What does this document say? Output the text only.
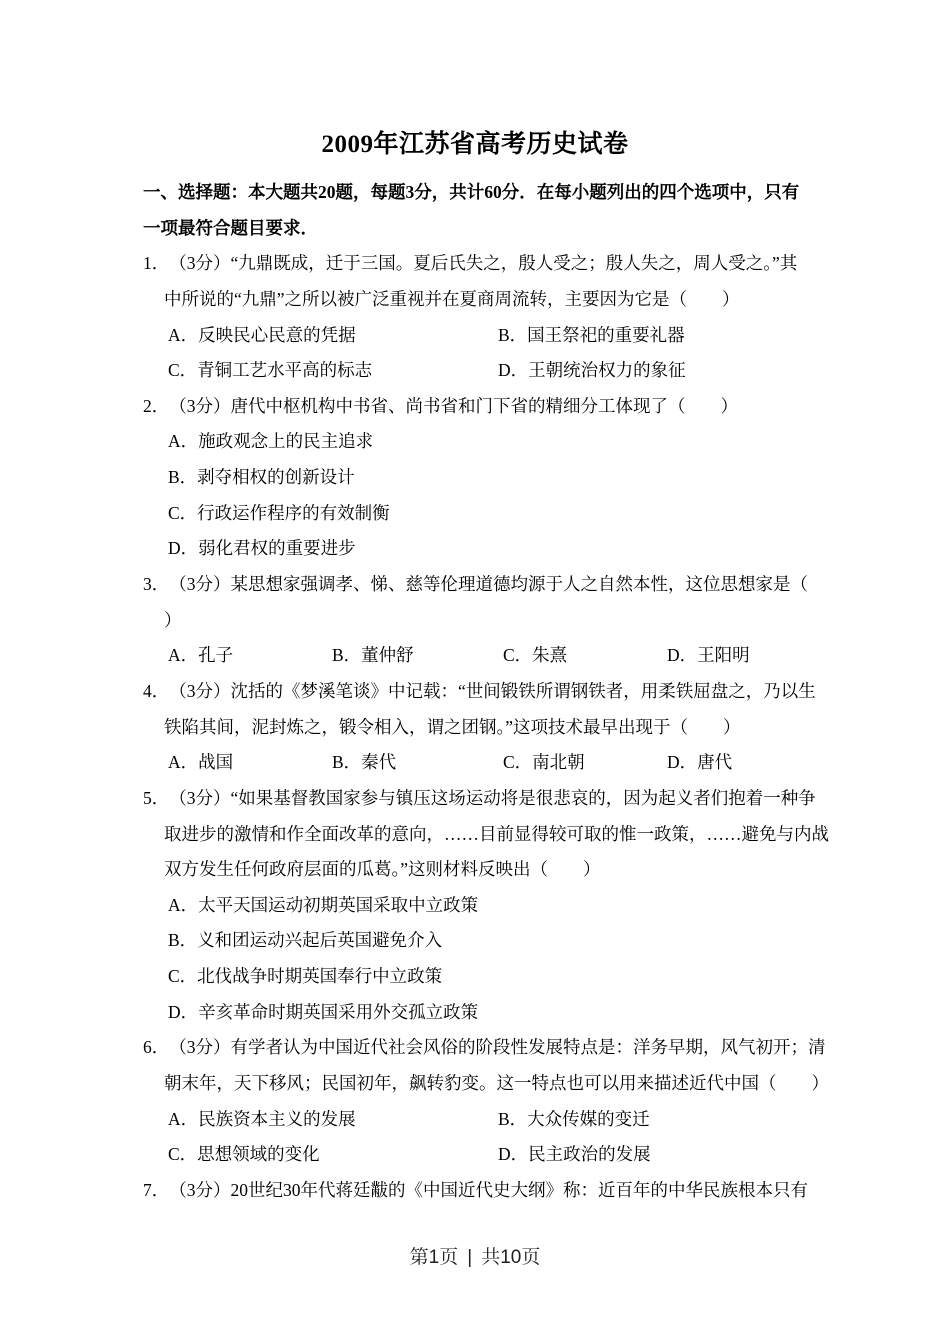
2009年江苏省高考历史试卷
一、选择题：本大题共20题，每题3分，共计60分．在每小题列出的四个选项中，只有
一项最符合题目要求．
1．（3分）“九鼎既成，迁于三国。夏后氏失之，殷人受之；殷人失之，周人受之。”其
中所说的“九鼎”之所以被广泛重视并在夏商周流转，主要因为它是（　　）
A．反映民心民意的凭据	B．国王祭祀的重要礼器
C．青铜工艺水平高的标志	D．王朝统治权力的象征
2．（3分）唐代中枢机构中书省、尚书省和门下省的精细分工体现了（　　）
A．施政观念上的民主追求
B．剥夺相权的创新设计
C．行政运作程序的有效制衡
D．弱化君权的重要进步
3．（3分）某思想家强调孝、悌、慈等伦理道德均源于人之自然本性，这位思想家是（
）
A．孔子	B．董仲舒	C．朱熹	D．王阳明
4．（3分）沈括的《梦溪笔谈》中记载：“世间锻铁所谓钢铁者，用柔铁屈盘之，乃以生
铁陷其间，泥封炼之，锻令相入，谓之团钢。”这项技术最早出现于（　　）
A．战国	B．秦代	C．南北朝	D．唐代
5．（3分）“如果基督教国家参与镇压这场运动将是很悲哀的，因为起义者们抱着一种争
取进步的激情和作全面改革的意向，……目前显得较可取的惟一政策，……避免与内战
双方发生任何政府层面的瓜葛。”这则材料反映出（　　）
A．太平天国运动初期英国采取中立政策
B．义和团运动兴起后英国避免介入
C．北伐战争时期英国奉行中立政策
D．辛亥革命时期英国采用外交孤立政策
6．（3分）有学者认为中国近代社会风俗的阶段性发展特点是：洋务早期，风气初开；清
朝末年，天下移风；民国初年，飙转豹变。这一特点也可以用来描述近代中国（　　）
A．民族资本主义的发展	B．大众传媒的变迁
C．思想领域的变化	D．民主政治的发展
7．（3分）20世纪30年代蒋廷黻的《中国近代史大纲》称：近百年的中华民族根本只有
第1页 | 共10页
